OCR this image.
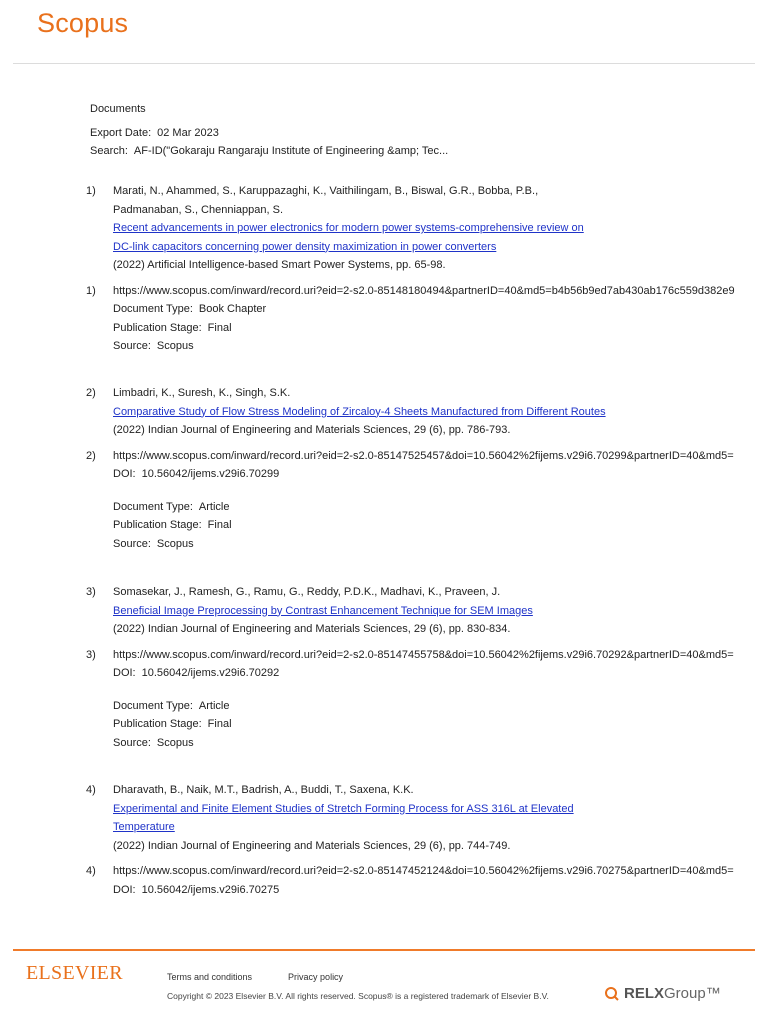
Scopus
Documents
Export Date: 02 Mar 2023
Search: AF-ID("Gokaraju Rangaraju Institute of Engineering &amp; Tec...
1) Marati, N., Ahammed, S., Karuppazaghi, K., Vaithilingam, B., Biswal, G.R., Bobba, P.B.,
Padmanaban, S., Chenniappan, S.
Recent advancements in power electronics for modern power systems-comprehensive review on
DC-link capacitors concerning power density maximization in power converters
(2022) Artificial Intelligence-based Smart Power Systems, pp. 65-98.
1) https://www.scopus.com/inward/record.uri?eid=2-s2.0-85148180494&partnerID=40&md5=b4b56b9ed7ab430ab176c559d382e9
Document Type: Book Chapter
Publication Stage: Final
Source: Scopus
2) Limbadri, K., Suresh, K., Singh, S.K.
Comparative Study of Flow Stress Modeling of Zircaloy-4 Sheets Manufactured from Different Routes
(2022) Indian Journal of Engineering and Materials Sciences, 29 (6), pp. 786-793.
2) https://www.scopus.com/inward/record.uri?eid=2-s2.0-85147525457&doi=10.56042%2fijems.v29i6.70299&partnerID=40&md5=
DOI: 10.56042/ijems.v29i6.70299
Document Type: Article
Publication Stage: Final
Source: Scopus
3) Somasekar, J., Ramesh, G., Ramu, G., Reddy, P.D.K., Madhavi, K., Praveen, J.
Beneficial Image Preprocessing by Contrast Enhancement Technique for SEM Images
(2022) Indian Journal of Engineering and Materials Sciences, 29 (6), pp. 830-834.
3) https://www.scopus.com/inward/record.uri?eid=2-s2.0-85147455758&doi=10.56042%2fijems.v29i6.70292&partnerID=40&md5=
DOI: 10.56042/ijems.v29i6.70292
Document Type: Article
Publication Stage: Final
Source: Scopus
4) Dharavath, B., Naik, M.T., Badrish, A., Buddi, T., Saxena, K.K.
Experimental and Finite Element Studies of Stretch Forming Process for ASS 316L at Elevated
Temperature
(2022) Indian Journal of Engineering and Materials Sciences, 29 (6), pp. 744-749.
4) https://www.scopus.com/inward/record.uri?eid=2-s2.0-85147452124&doi=10.56042%2fijems.v29i6.70275&partnerID=40&md5=
DOI: 10.56042/ijems.v29i6.70275
ELSEVIER	Terms and conditions	Privacy policy
Copyright © 2023 Elsevier B.V. All rights reserved. Scopus® is a registered trademark of Elsevier B.V.	RELX Group™
